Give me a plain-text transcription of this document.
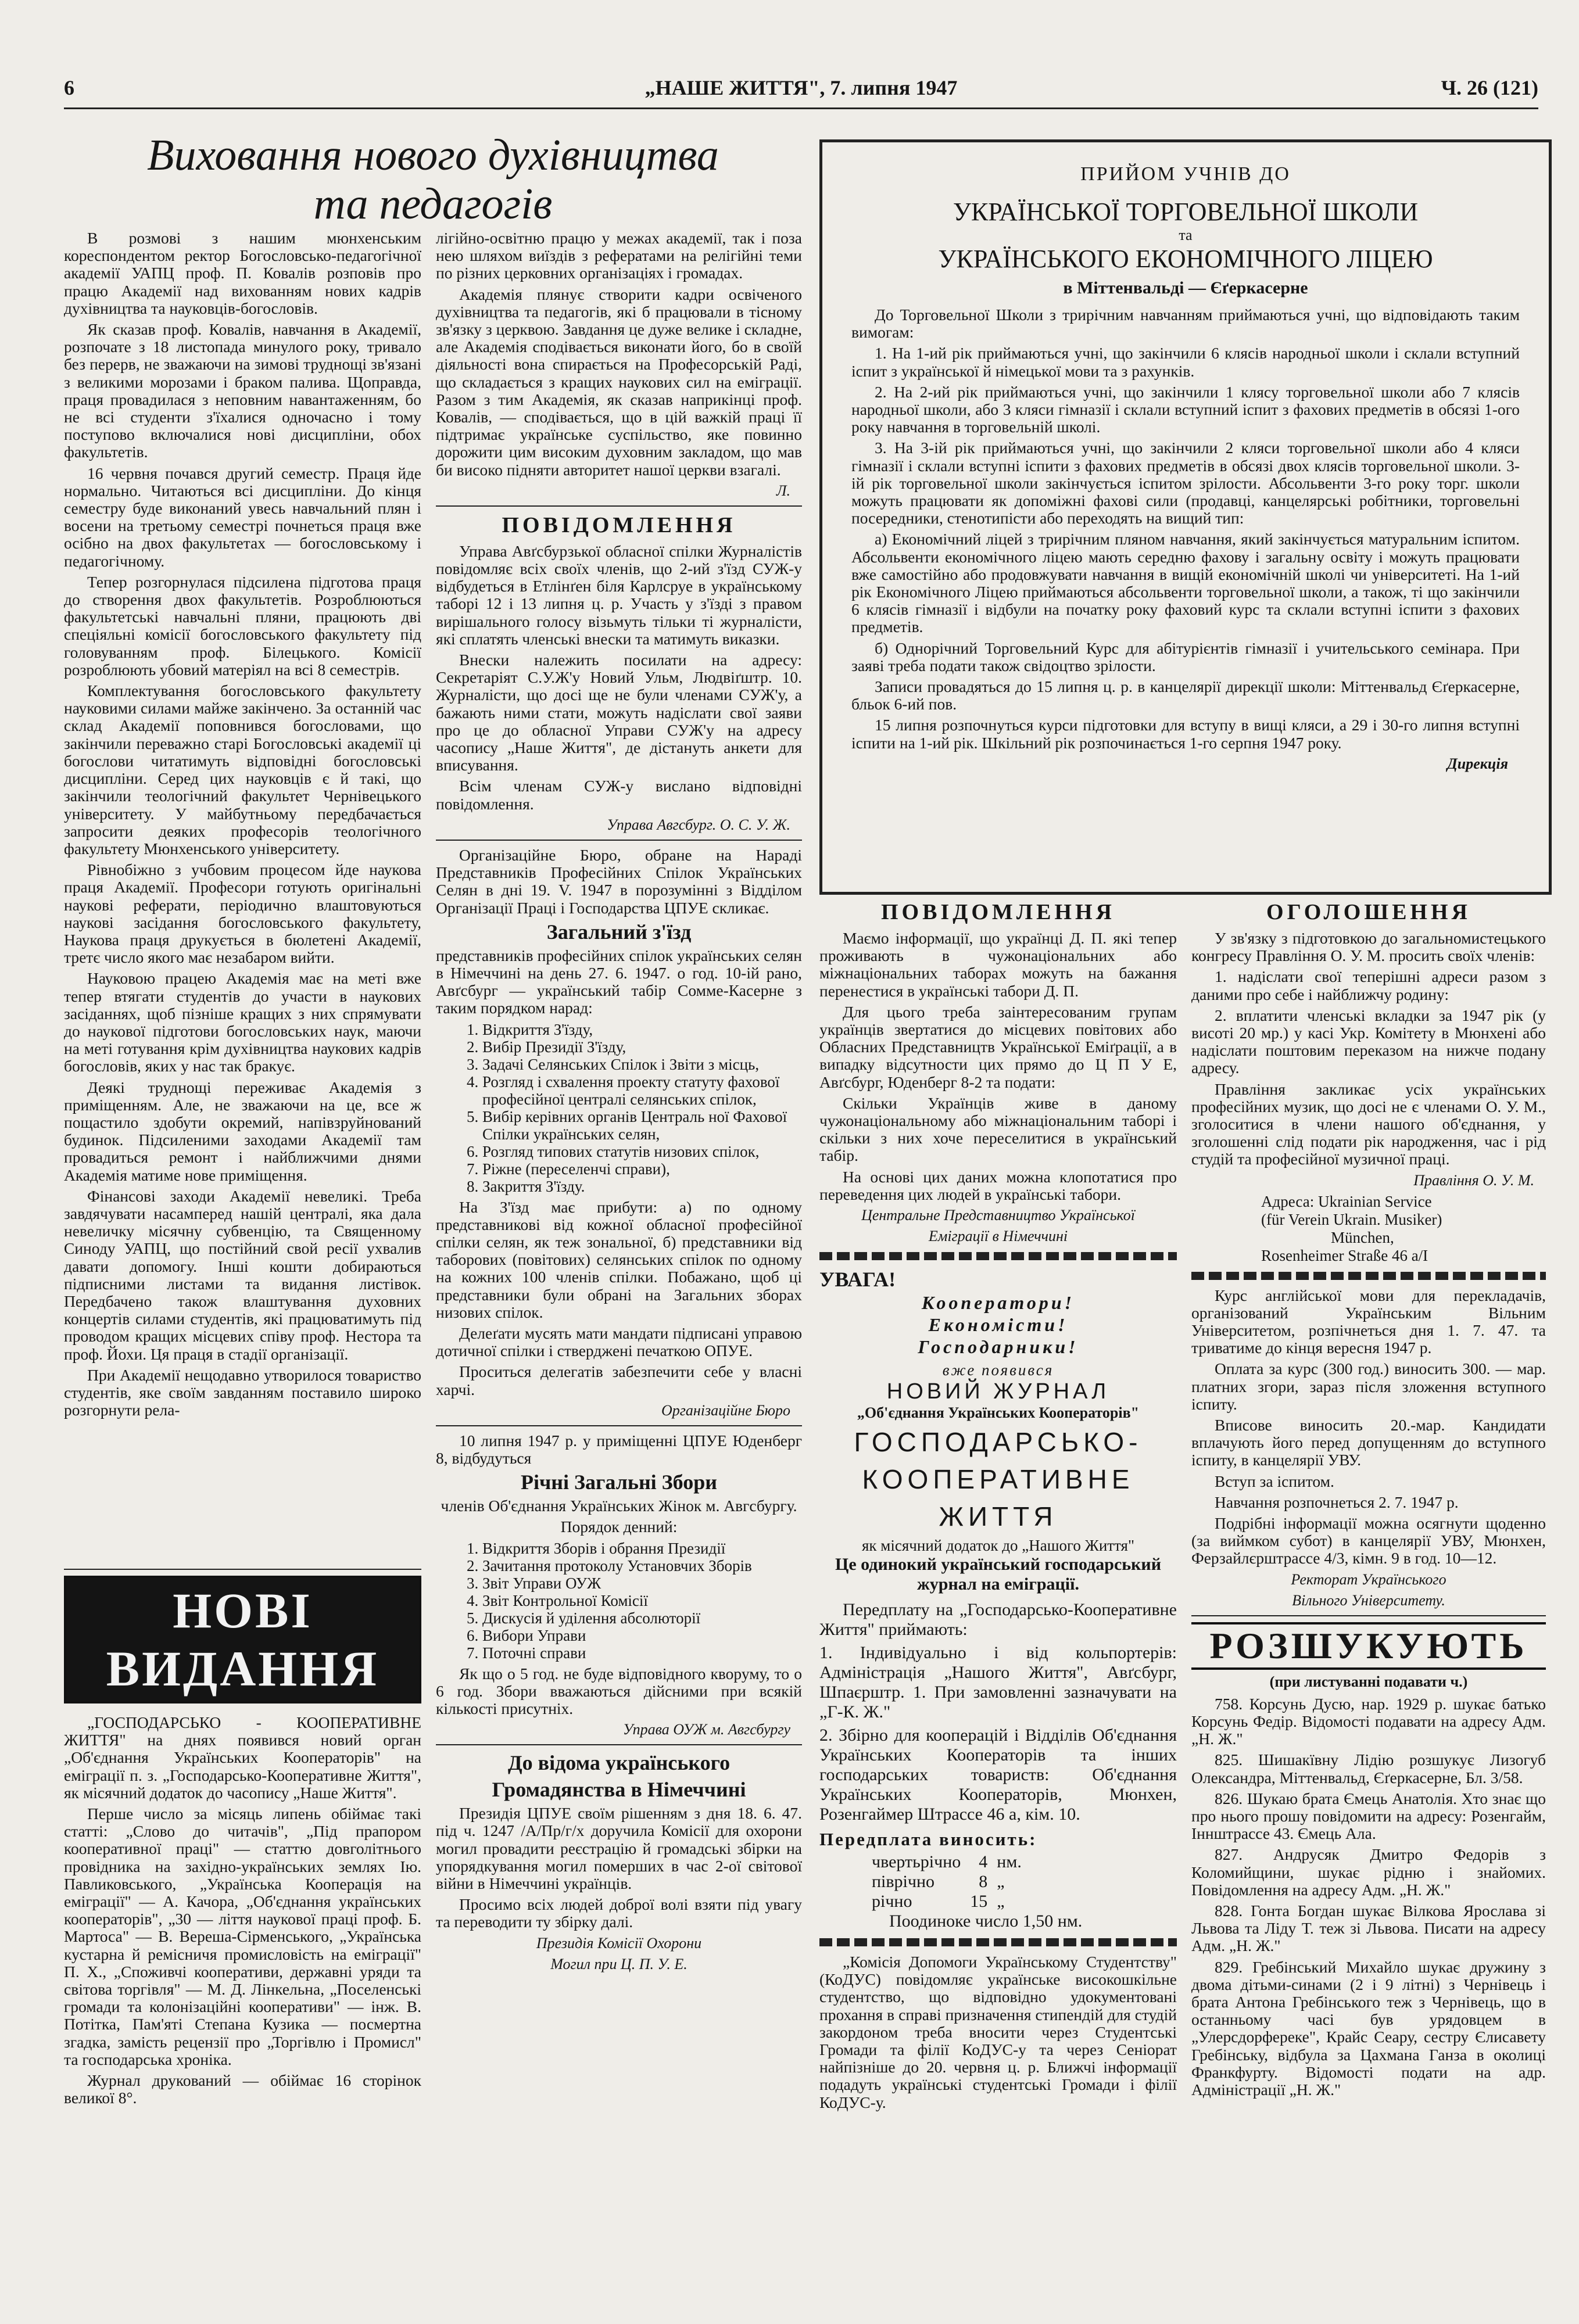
6	„НАШЕ ЖИТТЯ", 7. липня 1947	Ч. 26 (121)
Виховання нового духівництва
та педагогів

В розмові з нашим мюнхенським кореспондентом ректор Богословсько-педагогічної академії УАПЦ проф. П. Ковалів розповів про працю Академії над вихованням нових кадрів духівництва та науковців-богословів.

Як сказав проф. Ковалів, навчання в Академії, розпочате з 18 листопада минулого року, тривало без перерв, не зважаючи на зимові труднощі зв'язані з великими морозами і браком палива. Щоправда, праця провадилася з неповним навантаженням, бо не всі студенти з'їхалися одночасно і тому поступово включалися нові дисципліни, обох факультетів.

16 червня почався другий семестр. Праця йде нормально. Читаються всі дисципліни. До кінця семестру буде виконаний увесь навчальний плян і восени на третьому семестрі почнеться праця вже осібно на двох факультетах — богословському і педагогічному.

Тепер розгорнулася підсилена підготова праця до створення двох факультетів. Розроблюються факультетські навчальні пляни, працюють дві спеціяльні комісії богословського факультету під головуванням проф. Білецького. Комісії розроблюють убовий матеріял на всі 8 семестрів.

Комплектування богословського факультету науковими силами майже закінчено. За останній час склад Академії поповнився богословами, що закінчили переважно старі Богословські академії ці богослови читатимуть відповідні богословські дисципліни. Серед цих науковців є й такі, що закінчили теологічний факультет Чернівецького університету. У майбутньому передбачається запросити деяких професорів теологічного факультету Мюнхенського університету.

Рівнобіжно з учбовим процесом йде наукова праця Академії. Професори готують оригінальні наукові реферати, періодично влаштовуються наукові засідання богословського факультету, Наукова праця друкується в бюлетені Академії, третє число якого має незабаром вийти.

Науковою працею Академія має на меті вже тепер втягати студентів до участи в наукових засіданнях, щоб пізніше кращих з них спрямувати до наукової підготови богословських наук, маючи на меті готування крім духівництва наукових кадрів богословів, яких у нас так бракує.

Деякі труднощі переживає Академія з приміщенням. Але, не зважаючи на це, все ж пощастило здобути окремий, напівзруйнований будинок. Підсиленими заходами Академії там провадиться ремонт і найближчими днями Академія матиме нове приміщення.

Фінансові заходи Академії невеликі. Треба завдячувати насамперед нашій централі, яка дала невеличку місячну субвенцію, та Священному Синоду УАПЦ, що постійний свой ресії ухвалив давати допомогу. Інші кошти добираються підписними листами та видання листівок. Передбачено також влаштування духовних концертів силами студентів, які працюватимуть під проводом кращих місцевих співу проф. Нестора та проф. Йохи. Ця праця в стадії організації.

При Академії нещодавно утворилося товариство студентів, яке своїм завданням поставило широко розгорнути рела-

НОВІ ВИДАННЯ

„ГОСПОДАРСЬКО - КООПЕРАТИВНЕ ЖИТТЯ" на днях появився новий орган „Об'єднання Українських Кооператорів" на еміграції п. з. „Господарсько-Кооперативне Життя", як місячний додаток до часопису „Наше Життя".

Перше число за місяць липень обіймає такі статті: „Слово до читачів", „Під прапором кооперативної праці" — статтю довголітнього провідника на західно-українських землях Ію. Павликовського, „Українська Кооперація на еміграції" — А. Качора, „Об'єднання українських кооператорів", „30 — ліття наукової праці проф. Б. Мартоса" — В. Вереша-Сірменського, „Українська кустарна й ремісничя промисловість на еміграції" П. Х., „Споживчі кооперативи, державні уряди та світова торгівля" — М. Д. Лінкельна, „Поселенські громади та колонізаційні кооперативи" — інж. В. Потітка, Пам'яті Степана Кузика — посмертна згадка, замість рецензії про „Торгівлю і Промисл" та господарська хроніка.

Журнал друкований — обіймає 16 сторінок великої 8°.

лігійно-освітню працю у межах академії, так і поза нею шляхом виїздів з рефератами на релігійні теми по різних церковних організаціях і громадах.

Академія плянує створити кадри освіченого духівництва та педагогів, які б працювали в тісному зв'язку з церквою. Завдання це дуже велике і складне, але Академія сподівається виконати його, бо в своїй діяльності вона спирається на Професорській Раді, що складається з кращих наукових сил на еміграції. Разом з тим Академія, як сказав наприкінці проф. Ковалів, — сподівається, що в цій важкій праці її підтримає українське суспільство, яке повинно дорожити цим високим духовним закладом, що мав би високо підняти авторитет нашої церкви взагалі.

Л.
ПОВІДОМЛЕННЯ

Управа Авґсбурзької обласної спілки Журналістів повідомляє всіх своїх членів, що 2-ий з'їзд СУЖ-у відбудеться в Етлінґен біля Карлсруе в українському таборі 12 і 13 липня ц. р. Участь у з'їзді з правом вирішального голосу візьмуть тільки ті журналісти, які сплатять членські внески та матимуть виказки.

Внески належить посилати на адресу: Секретаріят С.У.Ж'у Новий Ульм, Людвіґштр. 10. Журналісти, що досі ще не були членами СУЖ'у, а бажають ними стати, можуть надіслати свої заяви про це до обласної Управи СУЖ'у на адресу часопису „Наше Життя", де дістануть анкети для вписування.

Всім членам СУЖ-у вислано відповідні повідомлення.

Управа Авгсбург. О. С. У. Ж.

Організаційне Бюро, обране на Нараді Представників Професійних Спілок Українських Селян в дні 19. V. 1947 в порозумінні з Відділом Організації Праці і Господарства ЦПУЕ скликає.

Загальний з'їзд

представників професійних спілок українських селян в Німеччині на день 27. 6. 1947. о год. 10-ій рано, Авґсбург — український табір Сомме-Касерне з таким порядком нарад:

1. Відкриття З'їзду,
2. Вибір Президії З'їзду,
3. Задачі Селянських Спілок і Звіти з місць,
4. Розгляд і схвалення проекту статуту фахової професійної централі селянських спілок,
5. Вибір керівних органів Централь ної Фахової Спілки українських селян,
6. Розгляд типових статутів низових спілок,
7. Ріжне (переселенчі справи),
8. Закриття З'їзду.

На З'їзд має прибути: а) по одному представникові від кожної обласної професійної спілки селян, як теж зональної, б) представники від таборових (повітових) селянських спілок по одному на кожних 100 членів спілки. Побажано, щоб ці представники були обрані на Загальних зборах низових спілок.

Делеґати мусять мати мандати підписані управою дотичної спілки і стверджені печаткою ОПУЕ.

Проситься делегатів забезпечити себе у власні харчі.

Організаційне Бюро

10 липня 1947 р. у приміщенні ЦПУЕ Юденберг 8, відбудуться

Річні Загальні Збори

членів Об'єднання Українських Жінок м. Авгсбургу.

Порядок денний:

1. Відкриття Зборів і обрання Президії
2. Зачитання протоколу Установчих Зборів
3. Звіт Управи ОУЖ
4. Звіт Контрольної Комісії
5. Дискусія й уділення абсолюторії
6. Вибори Управи
7. Поточні справи

Як що о 5 год. не буде відповідного кворуму, то о 6 год. Збори вважаються дійсними при всякій кількості присутніх.

Управа ОУЖ м. Авгсбургу
До відома українського
Громадянства в Німеччині

Президія ЦПУЕ своїм рішенням з дня 18. 6. 47. під ч. 1247 /А/Пр/г/х доручила Комісії для охорони могил провадити реєстрацію й громадські збірки на упорядкування могил померших в час 2-ої світової війни в Німеччині українців.

Просимо всіх людей доброї волі взяти під увагу та переводити ту збірку далі.

Президія Комісії Охорони
Могил при Ц. П. У. Е.
ПРИЙОМ УЧНІВ ДО
УКРАЇНСЬКОЇ ТОРГОВЕЛЬНОЇ ШКОЛИ
та
УКРАЇНСЬКОГО ЕКОНОМІЧНОГО ЛІЦЕЮ
в Міттенвальді — Єґеркасерне

До Торговельної Школи з трирічним навчанням приймаються учні, що відповідають таким вимогам:

1. На 1-ий рік приймаються учні, що закінчили 6 клясів народньої школи і склали вступний іспит з української й німецької мови та з рахунків.

2. На 2-ий рік приймаються учні, що закінчили 1 клясу торговельної школи або 7 клясів народньої школи, або 3 кляси гімназії і склали вступний іспит з фахових предметів в обсязі 1-ого року навчання в торговельній школі.

3. На 3-ій рік приймаються учні, що закінчили 2 кляси торговельної школи або 4 кляси гімназії і склали вступні іспити з фахових предметів в обсязі двох клясів торговельної школи. 3-ій рік торговельної школи закінчується іспитом зрілости. Абсольвенти 3-го року торг. школи можуть працювати як допоміжні фахові сили (продавці, канцелярські робітники, торговельні посередники, стенотипісти або переходять на вищий тип:

а) Економічний ліцей з трирічним пляном навчання, який закінчується матуральним іспитом. Абсольвенти економічного ліцею мають середню фахову і загальну освіту і можуть працювати вже самостійно або продовжувати навчання в вищій економічній школі чи університеті. На 1-ий рік Економічного Ліцею приймаються абсольвенти торговельної школи, а також, ті що закінчили 6 клясів гімназії і відбули на початку року фаховий курс та склали вступні іспити з фахових предметів.

б) Однорічний Торговельний Курс для абітурієнтів гімназії і учительського семінара. При заяві треба подати також свідоцтво зрілости.

Записи провадяться до 15 липня ц. р. в канцелярії дирекції школи: Міттенвальд Єґеркасерне, бльок 6-ий пов.

15 липня розпочнуться курси підготовки для вступу в вищі кляси, а 29 і 30-го липня вступні іспити на 1-ий рік. Шкільний рік розпочинається 1-го серпня 1947 року.

Дирекція
ПОВІДОМЛЕННЯ

Маємо інформації, що українці Д. П. які тепер проживають в чужонаціональних або міжнаціональних таборах можуть на бажання перенестися в українські табори Д. П.

Для цього треба заінтересованим групам українців звертатися до місцевих повітових або Обласних Представництв Української Еміґрації, а в випадку відсутности цих прямо до Ц П У Е, Авґсбург, Юденберг 8-2 та подати:

Скільки Українців живе в даному чужонаціональному або міжнаціональним таборі і скільки з них хоче переселитися в український табір.

На основі цих даних можна клопотатися про переведення цих людей в українські табори.

Центральне Представництво Української
Еміграції в Німеччині
УВАГА!
Кооператори!
Економісти!
Господарники!
вже появився
НОВИЙ ЖУРНАЛ
„Об'єднання Українських Кооператорів"
ГОСПОДАРСЬКО-
КООПЕРАТИВНЕ
ЖИТТЯ
як місячний додаток до „Нашого Життя"
Це одинокий український господарський журнал на еміграції.

Передплату на „Господарсько-Кооперативне Життя" приймають:

1. Індивідуально і від кольпортерів: Адміністрація „Нашого Життя", Авґсбург, Шпаєрштр. 1. При замовленні зазначувати на „Г-К. Ж."

2. Збірно для кооперацій і Відділів Об'єднання Українських Кооператорів та інших господарських товариств: Об'єднання Українських Кооператорів, Мюнхен, Розенгаймер Штрассе 46 а, кім. 10.

Передплата виносить:
чвертьрічно	4	нм.
піврічно	8	„
річно	15	„
Поодиноке число 1,50 нм.

„Комісія Допомоги Українському Студентству" (КоДУС) повідомляє українське високошкільне студентство, що відповідно удокументовані прохання в справі призначення стипендій для студій закордоном треба вносити через Студентські Громади та філії КоДУС-у та через Сеніорат найпізніше до 20. червня ц. р. Ближчі інформації подадуть українські студентські Громади і філії КоДУС-у.

ОГОЛОШЕННЯ

У зв'язку з підготовкою до загальномистецького конгресу Правління О. У. М. просить своїх членів:

1. надіслати свої теперішні адреси разом з даними про себе і найближчу родину:

2. вплатити членські вкладки за 1947 рік (у висоті 20 мр.) у касі Укр. Комітету в Мюнхені або надіслати поштовим переказом на нижче подану адресу.

Правління закликає усіх українських професійних музик, що досі не є членами О. У. М., зголоситися в члени нашого об'єднання, у зголошенні слід подати рік народження, час і рід студій та професійної музичної праці.

Правління О. У. М.
Адреса: Ukrainian Service
(für Verein Ukrain. Musiker)
München,
Rosenheimer Straße 46 a/I

Курс англійської мови для перекладачів, організований Українським Вільним Університетом, розпічнеться дня 1. 7. 47. та триватиме до кінця вересня 1947 р.

Оплата за курс (300 год.) виносить 300. — мар. платних згори, зараз після зложення вступного іспиту.

Вписове виносить 20.-мар. Кандидати вплачують його перед допущенням до вступного іспиту, в канцелярії УВУ.

Вступ за іспитом.

Навчання розпочнеться 2. 7. 1947 р.

Подрібні інформації можна осягнути щоденно (за виймком субот) в канцелярії УВУ, Мюнхен, Ферзайлєрштрассе 4/3, кімн. 9 в год. 10—12.

Ректорат Українського
Вільного Університету.
РОЗШУКУЮТЬ
(при листуванні подавати ч.)

758. Корсунь Дусю, нар. 1929 р. шукає батько Корсунь Федір. Відомості подавати на адресу Адм. „Н. Ж."

825. Шишакївну Лідію розшукує Лизогуб Олександра, Міттенвальд, Єґеркасерне, Бл. 3/58.

826. Шукаю брата Ємець Анатолія. Хто знає що про нього прошу повідомити на адресу: Розенгайм, Іннштрассе 43. Ємець Ала.

827. Андрусяк Дмитро Федорів з Коломийщини, шукає рідню і знайомих. Повідомлення на адресу Адм. „Н. Ж."

828. Гонта Богдан шукає Вілкова Ярослава зі Львова та Ліду Т. теж зі Львова. Писати на адресу Адм. „Н. Ж."

829. Гребінський Михайло шукає дружину з двома дітьми-синами (2 і 9 літні) з Чернівець і брата Антона Гребінського теж з Чернівець, що в останньому часі був урядовцем в „Улерсдорфереке", Крайс Сеару, сестру Єлисавету Гребінську, відбула за Цахмана Ганза в околиці Франкфурту. Відомості подати на адр. Адміністрації „Н. Ж."
